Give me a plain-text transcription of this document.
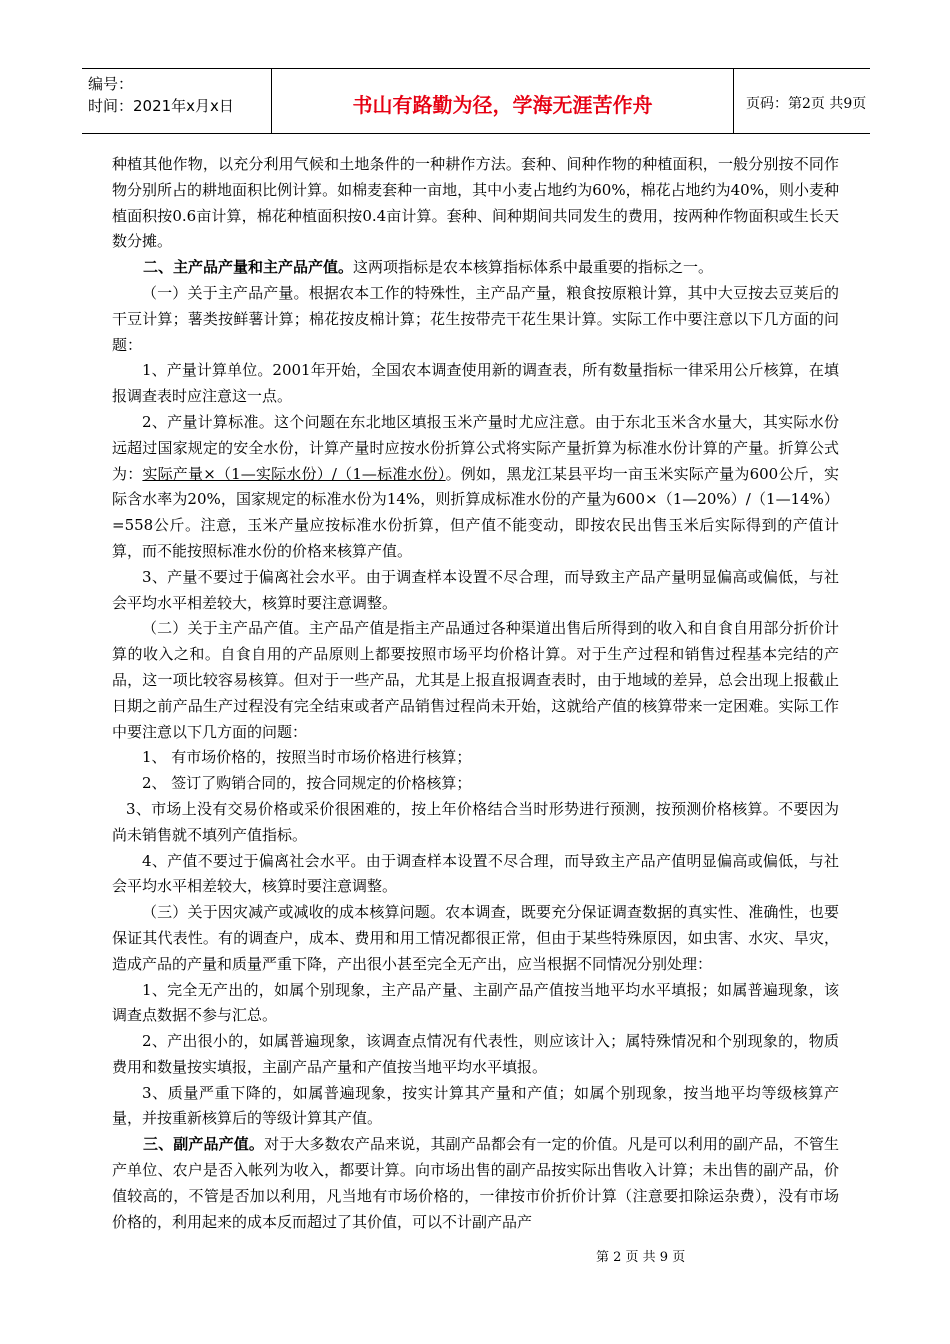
编号：
时间：2021年x月x日	书山有路勤为径，学海无涯苦作舟	页码：第2页 共9页

种植其他作物，以充分利用气候和土地条件的一种耕作方法。套种、间种作物的种植面积，一般分别按不同作物分别所占的耕地面积比例计算。如棉麦套种一亩地，其中小麦占地约为60%，棉花占地约为40%，则小麦种植面积按0.6亩计算，棉花种植面积按0.4亩计算。套种、间种期间共同发生的费用，按两种作物面积或生长天数分摊。

二、主产品产量和主产品产值。这两项指标是农本核算指标体系中最重要的指标之一。

（一）关于主产品产量。根据农本工作的特殊性，主产品产量，粮食按原粮计算，其中大豆按去豆荚后的干豆计算；薯类按鲜薯计算；棉花按皮棉计算；花生按带壳干花生果计算。实际工作中要注意以下几方面的问题：

1、产量计算单位。2001年开始，全国农本调查使用新的调查表，所有数量指标一律采用公斤核算，在填报调查表时应注意这一点。

2、产量计算标准。这个问题在东北地区填报玉米产量时尤应注意。由于东北玉米含水量大，其实际水份远超过国家规定的安全水份，计算产量时应按水份折算公式将实际产量折算为标准水份计算的产量。折算公式为：实际产量×（1—实际水份）/（1—标准水份）。例如，黑龙江某县平均一亩玉米实际产量为600公斤，实际含水率为20%，国家规定的标准水份为14%，则折算成标准水份的产量为600×（1—20%）/（1—14%）=558公斤。注意，玉米产量应按标准水份折算，但产值不能变动，即按农民出售玉米后实际得到的产值计算，而不能按照标准水份的价格来核算产值。

3、产量不要过于偏离社会水平。由于调查样本设置不尽合理，而导致主产品产量明显偏高或偏低，与社会平均水平相差较大，核算时要注意调整。

（二）关于主产品产值。主产品产值是指主产品通过各种渠道出售后所得到的收入和自食自用部分折价计算的收入之和。自食自用的产品原则上都要按照市场平均价格计算。对于生产过程和销售过程基本完结的产品，这一项比较容易核算。但对于一些产品，尤其是上报直报调查表时，由于地域的差异，总会出现上报截止日期之前产品生产过程没有完全结束或者产品销售过程尚未开始，这就给产值的核算带来一定困难。实际工作中要注意以下几方面的问题：

1、 有市场价格的，按照当时市场价格进行核算；

2、 签订了购销合同的，按合同规定的价格核算；

3、市场上没有交易价格或采价很困难的，按上年价格结合当时形势进行预测，按预测价格核算。不要因为尚未销售就不填列产值指标。

4、产值不要过于偏离社会水平。由于调查样本设置不尽合理，而导致主产品产值明显偏高或偏低，与社会平均水平相差较大，核算时要注意调整。

（三）关于因灾减产或减收的成本核算问题。农本调查，既要充分保证调查数据的真实性、准确性，也要保证其代表性。有的调查户，成本、费用和用工情况都很正常，但由于某些特殊原因，如虫害、水灾、旱灾，造成产品的产量和质量严重下降，产出很小甚至完全无产出，应当根据不同情况分别处理：

1、完全无产出的，如属个别现象，主产品产量、主副产品产值按当地平均水平填报；如属普遍现象，该调查点数据不参与汇总。

2、产出很小的，如属普遍现象，该调查点情况有代表性，则应该计入；属特殊情况和个别现象的，物质费用和数量按实填报，主副产品产量和产值按当地平均水平填报。

3、质量严重下降的，如属普遍现象，按实计算其产量和产值；如属个别现象，按当地平均等级核算产量，并按重新核算后的等级计算其产值。

三、副产品产值。对于大多数农产品来说，其副产品都会有一定的价值。凡是可以利用的副产品，不管生产单位、农户是否入帐列为收入，都要计算。向市场出售的副产品按实际出售收入计算；未出售的副产品，价值较高的，不管是否加以利用，凡当地有市场价格的，一律按市价折价计算（注意要扣除运杂费），没有市场价格的，利用起来的成本反而超过了其价值，可以不计副产品产

第 2 页 共 9 页
